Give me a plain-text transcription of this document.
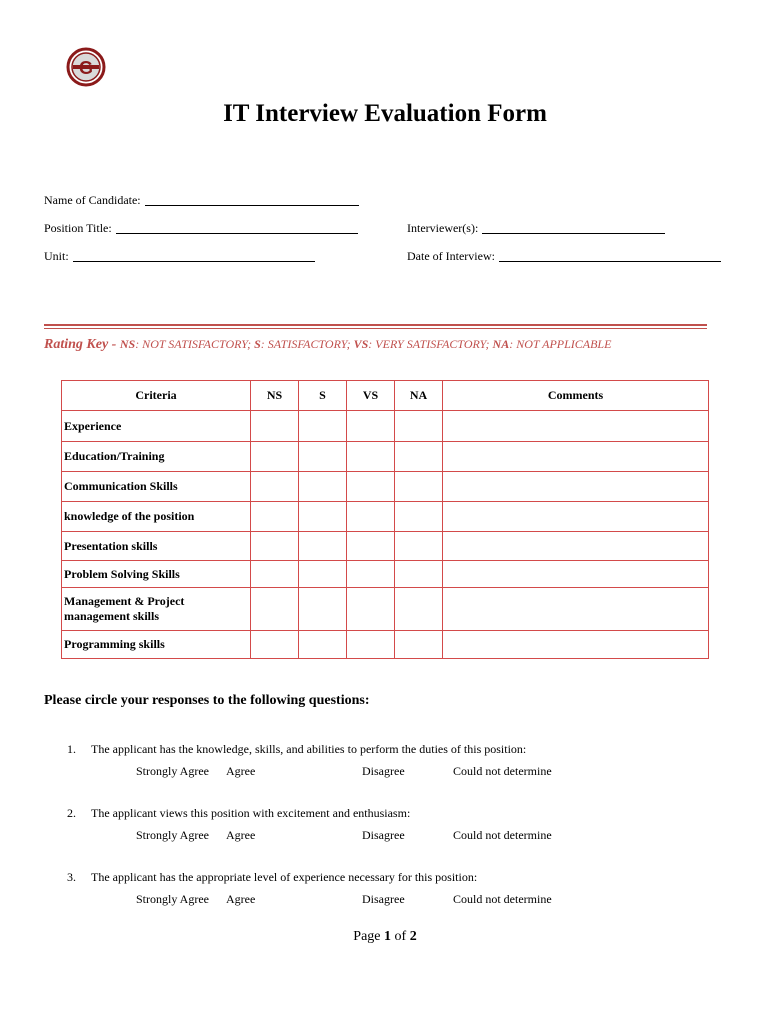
G
IT Interview Evaluation Form
Name of Candidate:
Position Title:	Interviewer(s):
Unit:	Date of Interview:
Rating Key - NS: NOT SATISFACTORY; S: SATISFACTORY; VS: VERY SATISFACTORY; NA: NOT APPLICABLE
Criteria	NS	S	VS	NA	Comments
Experience					
Education/Training					
Communication Skills					
knowledge of the position					
Presentation skills					
Problem Solving Skills					
Management & Project management skills					
Programming skills					
Please circle your responses to the following questions:
1. The applicant has the knowledge, skills, and abilities to perform the duties of this position:
Strongly Agree Agree	Disagree	Could not determine
2. The applicant views this position with excitement and enthusiasm:
Strongly Agree Agree	Disagree	Could not determine
3. The applicant has the appropriate level of experience necessary for this position:
Strongly Agree Agree	Disagree	Could not determine
Page 1 of 2
